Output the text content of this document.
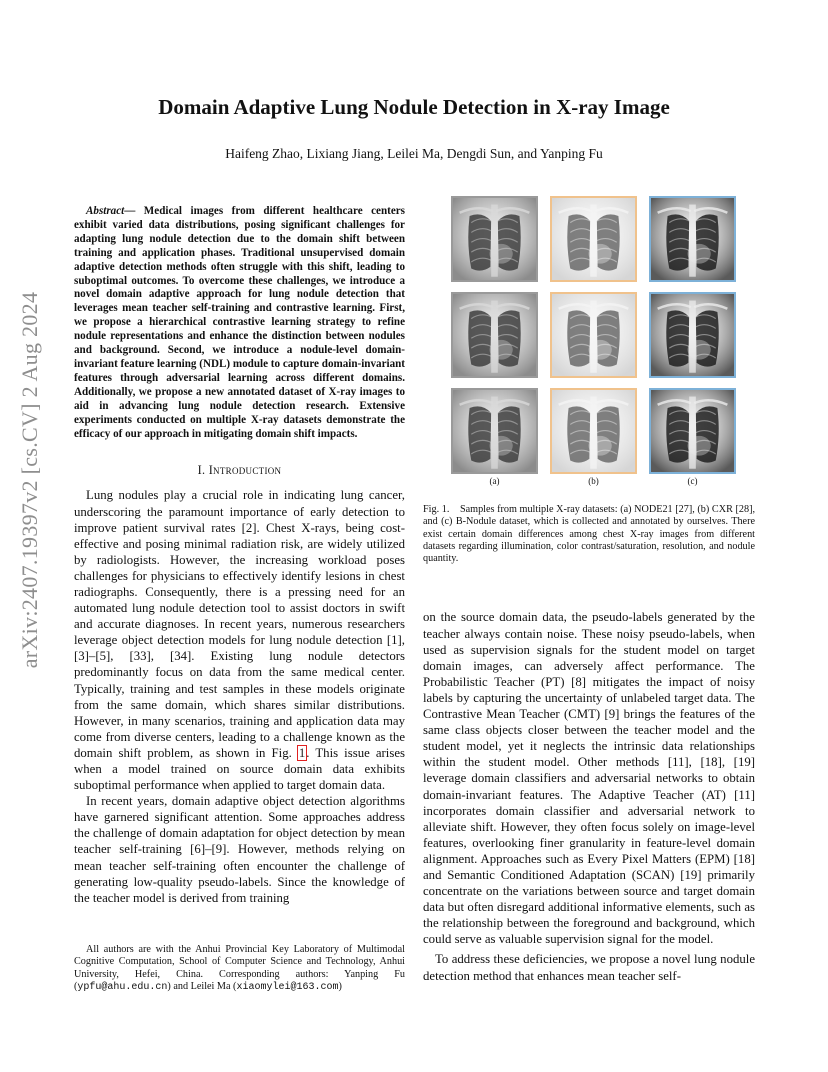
Domain Adaptive Lung Nodule Detection in X-ray Image
Haifeng Zhao, Lixiang Jiang, Leilei Ma, Dengdi Sun, and Yanping Fu
arXiv:2407.19397v2 [cs.CV] 2 Aug 2024

Abstract— Medical images from different healthcare centers exhibit varied data distributions, posing significant challenges for adapting lung nodule detection due to the domain shift between training and application phases. Traditional unsupervised domain adaptive detection methods often struggle with this shift, leading to suboptimal outcomes. To overcome these challenges, we introduce a novel domain adaptive approach for lung nodule detection that leverages mean teacher self-training and contrastive learning. First, we propose a hierarchical contrastive learning strategy to refine nodule representations and enhance the distinction between nodules and background. Second, we introduce a nodule-level domain-invariant feature learning (NDL) module to capture domain-invariant features through adversarial learning across different domains. Additionally, we propose a new annotated dataset of X-ray images to aid in advancing lung nodule detection research. Extensive experiments conducted on multiple X-ray datasets demonstrate the efficacy of our approach in mitigating domain shift impacts.

I. Introduction

Lung nodules play a crucial role in indicating lung cancer, underscoring the paramount importance of early detection to improve patient survival rates [2]. Chest X-rays, being cost-effective and posing minimal radiation risk, are widely utilized by radiologists. However, the increasing workload poses challenges for physicians to effectively identify lesions in chest radiographs. Consequently, there is a pressing need for an automated lung nodule detection tool to assist doctors in swift and accurate diagnoses. In recent years, numerous researchers leverage object detection models for lung nodule detection [1], [3]–[5], [33], [34]. Existing lung nodule detectors predominantly focus on data from the same medical center. Typically, training and test samples in these models originate from the same domain, which shares similar distributions. However, in many scenarios, training and application data may come from diverse centers, leading to a challenge known as the domain shift problem, as shown in Fig. 1. This issue arises when a model trained on source domain data exhibits suboptimal performance when applied to target domain data.

In recent years, domain adaptive object detection algorithms have garnered significant attention. Some approaches address the challenge of domain adaptation for object detection by mean teacher self-training [6]–[9]. However, methods relying on mean teacher self-training often encounter the challenge of generating low-quality pseudo-labels. Since the knowledge of the teacher model is derived from training

All authors are with the Anhui Provincial Key Laboratory of Multimodal Cognitive Computation, School of Computer Science and Technology, Anhui University, Hefei, China. Corresponding authors: Yanping Fu (ypfu@ahu.edu.cn) and Leilei Ma (xiaomylei@163.com)

(a)	(b)	(c)

Fig. 1. Samples from multiple X-ray datasets: (a) NODE21 [27], (b) CXR [28], and (c) B-Nodule dataset, which is collected and annotated by ourselves. There exist certain domain differences among chest X-ray images from different datasets regarding illumination, color contrast/saturation, resolution, and nodule quantity.

on the source domain data, the pseudo-labels generated by the teacher always contain noise. These noisy pseudo-labels, when used as supervision signals for the student model on target domain images, can adversely affect performance. The Probabilistic Teacher (PT) [8] mitigates the impact of noisy labels by capturing the uncertainty of unlabeled target data. The Contrastive Mean Teacher (CMT) [9] brings the features of the same class objects closer between the teacher model and the student model, yet it neglects the intrinsic data relationships within the student model. Other methods [11], [18], [19] leverage domain classifiers and adversarial networks to obtain domain-invariant features. The Adaptive Teacher (AT) [11] incorporates domain classifier and adversarial network to alleviate shift. However, they often focus solely on image-level features, overlooking finer granularity in feature-level domain alignment. Approaches such as Every Pixel Matters (EPM) [18] and Semantic Conditioned Adaptation (SCAN) [19] primarily concentrate on the variations between source and target domain data but often disregard additional informative elements, such as the relationship between the foreground and background, which could serve as valuable supervision signal for the model.

To address these deficiencies, we propose a novel lung nodule detection method that enhances mean teacher self-
